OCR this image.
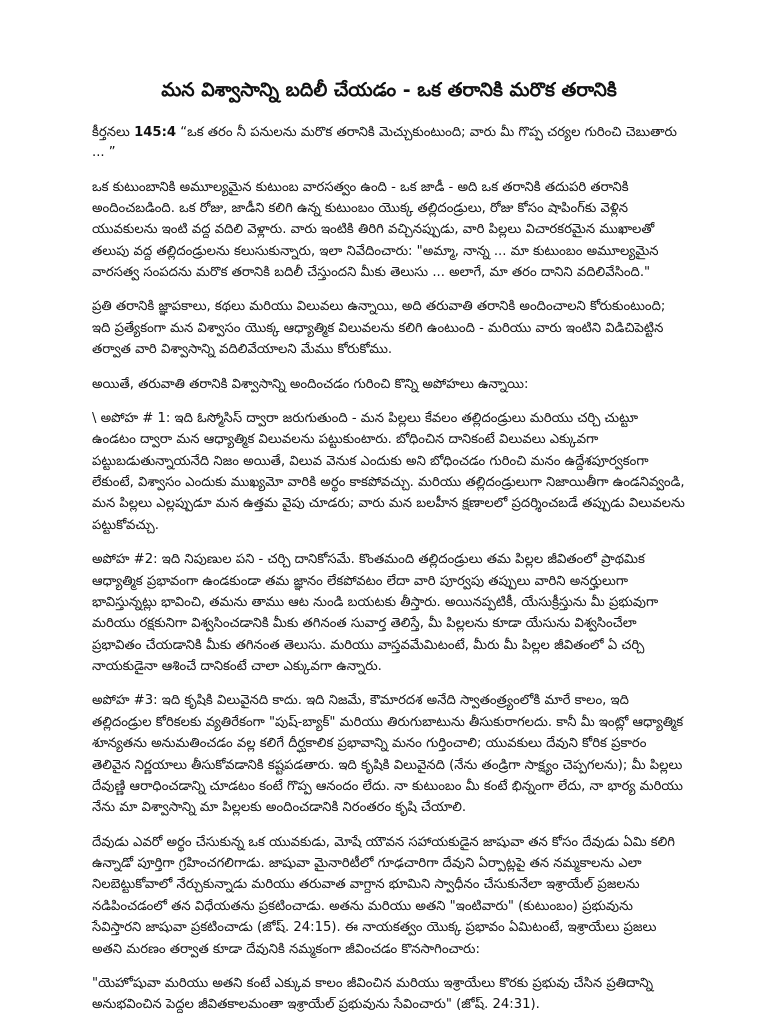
మన విశ్వాసాన్ని బదిలీ చేయడం - ఒక తరానికి మరొక తరానికి

కీర్తనలు 145:4 “ఒక తరం నీ పనులను మరొక తరానికి మెచ్చుకుంటుంది; వారు మీ గొప్ప చర్యల గురించి చెబుతారు ... ”

ఒక కుటుంబానికి అమూల్యమైన కుటుంబ వారసత్వం ఉంది - ఒక జాడీ - అది ఒక తరానికి తదుపరి తరానికి అందించబడింది. ఒక రోజు, జాడీని కలిగి ఉన్న కుటుంబం యొక్క తల్లిదండ్రులు, రోజు కోసం షాపింగ్‌కు వెళ్లిన యువకులను ఇంటి వద్ద వదిలి వెళ్లారు. వారు ఇంటికి తిరిగి వచ్చినప్పుడు, వారి పిల్లలు విచారకరమైన ముఖాలతో తలుపు వద్ద తల్లిదండ్రులను కలుసుకున్నారు, ఇలా నివేదించారు: "అమ్మా, నాన్న ... మా కుటుంబం అమూల్యమైన వారసత్వ సంపదను మరొక తరానికి బదిలీ చేస్తుందని మీకు తెలుసు ... అలాగే, మా తరం దానిని వదిలివేసింది."

ప్రతి తరానికి జ్ఞాపకాలు, కథలు మరియు విలువలు ఉన్నాయి, అది తరువాతి తరానికి అందించాలని కోరుకుంటుంది; ఇది ప్రత్యేకంగా మన విశ్వాసం యొక్క ఆధ్యాత్మిక విలువలను కలిగి ఉంటుంది - మరియు వారు ఇంటిని విడిచిపెట్టిన తర్వాత వారి విశ్వాసాన్ని వదిలివేయాలని మేము కోరుకోము.

అయితే, తరువాతి తరానికి విశ్వాసాన్ని అందించడం గురించి కొన్ని అపోహలు ఉన్నాయి:

\ అపోహ # 1: ఇది ఓస్మోసిస్ ద్వారా జరుగుతుంది - మన పిల్లలు కేవలం తల్లిదండ్రులు మరియు చర్చి చుట్టూ ఉండటం ద్వారా మన ఆధ్యాత్మిక విలువలను పట్టుకుంటారు. బోధించిన దానికంటే విలువలు ఎక్కువగా పట్టుబడుతున్నాయనేది నిజం అయితే, విలువ వెనుక ఎందుకు అని బోధించడం గురించి మనం ఉద్దేశపూర్వకంగా లేకుంటే, విశ్వాసం ఎందుకు ముఖ్యమో వారికి అర్థం కాకపోవచ్చు. మరియు తల్లిదండ్రులుగా నిజాయితీగా ఉండనివ్వండి, మన పిల్లలు ఎల్లప్పుడూ మన ఉత్తమ వైపు చూడరు; వారు మన బలహీన క్షణాలలో ప్రదర్శించబడే తప్పుడు విలువలను పట్టుకోవచ్చు.

అపోహ #2: ఇది నిపుణుల పని - చర్చి దానికోసమే. కొంతమంది తల్లిదండ్రులు తమ పిల్లల జీవితంలో ప్రాథమిక ఆధ్యాత్మిక ప్రభావంగా ఉండకుండా తమ జ్ఞానం లేకపోవటం లేదా వారి పూర్వపు తప్పులు వారిని అనర్హులుగా భావిస్తున్నట్లు భావించి, తమను తాము ఆట నుండి బయటకు తీస్తారు. అయినప్పటికీ, యేసుక్రీస్తును మీ ప్రభువుగా మరియు రక్షకునిగా విశ్వసించడానికి మీకు తగినంత సువార్త తెలిస్తే, మీ పిల్లలను కూడా యేసును విశ్వసించేలా ప్రభావితం చేయడానికి మీకు తగినంత తెలుసు. మరియు వాస్తవమేమిటంటే, మీరు మీ పిల్లల జీవితంలో ఏ చర్చి నాయకుడైనా ఆశించే దానికంటే చాలా ఎక్కువగా ఉన్నారు.

అపోహ #3: ఇది కృషికి విలువైనది కాదు. ఇది నిజమే, కౌమారదశ అనేది స్వాతంత్ర్యంలోకి మారే కాలం, ఇది తల్లిదండ్రుల కోరికలకు వ్యతిరేకంగా "పుష్-బ్యాక్" మరియు తిరుగుబాటును తీసుకురాగలదు. కానీ మీ ఇంట్లో ఆధ్యాత్మిక శూన్యతను అనుమతించడం వల్ల కలిగే దీర్ఘకాలిక ప్రభావాన్ని మనం గుర్తించాలి; యువకులు దేవుని కోరిక ప్రకారం తెలివైన నిర్ణయాలు తీసుకోవడానికి కష్టపడతారు. ఇది కృషికి విలువైనది (నేను తండ్రిగా సాక్ష్యం చెప్పగలను); మీ పిల్లలు దేవుణ్ణి ఆరాధించడాన్ని చూడటం కంటే గొప్ప ఆనందం లేదు. నా కుటుంబం మీ కంటే భిన్నంగా లేదు, నా భార్య మరియు నేను మా విశ్వాసాన్ని మా పిల్లలకు అందించడానికి నిరంతరం కృషి చేయాలి.

దేవుడు ఎవరో అర్థం చేసుకున్న ఒక యువకుడు, మోషే యౌవన సహాయకుడైన జాషువా తన కోసం దేవుడు ఏమి కలిగి ఉన్నాడో పూర్తిగా గ్రహించగలిగాడు. జాషువా మైనారిటీలో గూఢచారిగా దేవుని ఏర్పాట్లపై తన నమ్మకాలను ఎలా నిలబెట్టుకోవాలో నేర్చుకున్నాడు మరియు తరువాత వాగ్దాన భూమిని స్వాధీనం చేసుకునేలా ఇశ్రాయేల్ ప్రజలను నడిపించడంలో తన విధేయతను ప్రకటించాడు. అతను మరియు అతని "ఇంటివారు" (కుటుంబం) ప్రభువును సేవిస్తారని జాషువా ప్రకటించాడు (జోష్. 24:15). ఈ నాయకత్వం యొక్క ప్రభావం ఏమిటంటే, ఇశ్రాయేలు ప్రజలు అతని మరణం తర్వాత కూడా దేవునికి నమ్మకంగా జీవించడం కొనసాగించారు:

"యెహోషువా మరియు అతని కంటే ఎక్కువ కాలం జీవించిన మరియు ఇశ్రాయేలు కొరకు ప్రభువు చేసిన ప్రతిదాన్ని అనుభవించిన పెద్దల జీవితకాలమంతా ఇశ్రాయేల్ ప్రభువును సేవించారు" (జోష్. 24:31).
